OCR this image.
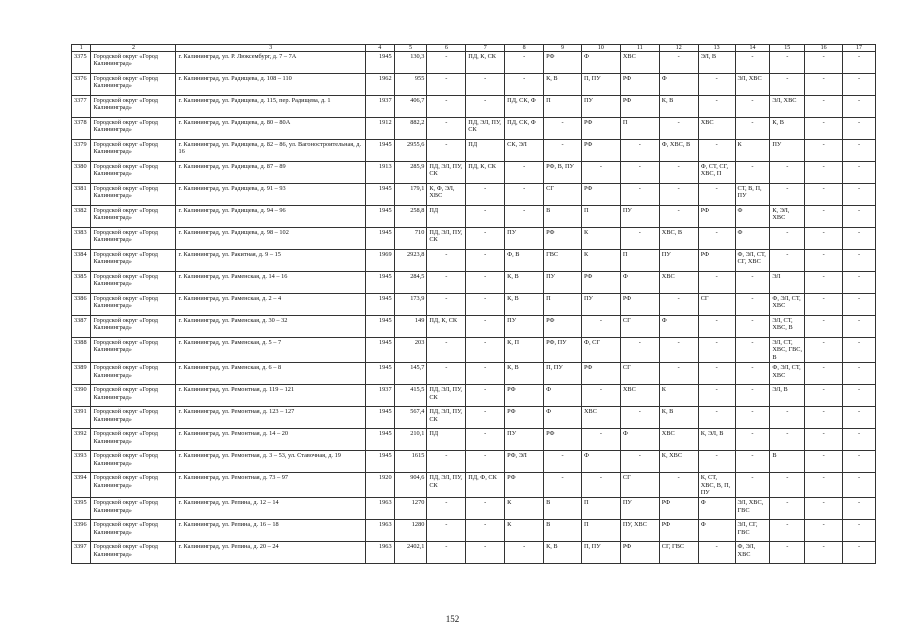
1	2	3	4	5	6	7	8	9	10	11	12	13	14	15	16	17
3375	Городской округ «Город Калининград»	г. Калининград, ул. Р. Люксембург, д. 7 – 7А	1945	130,3	-	ПД, К, СК	-	РФ	Ф	ХВС	-	ЭЛ, В	-	-	-	-
3376	Городской округ «Город Калининград»	г. Калининград, ул. Радищева, д. 108 – 110	1962	955	-	-	-	К, В	П, ПУ	РФ	Ф	-	ЭЛ, ХВС	-	-	-
3377	Городской округ «Город Калининград»	г. Калининград, ул. Радищева, д. 115, пер. Радищева, д. 1	1937	406,7	-	-	ПД, СК, Ф	П	ПУ	РФ	К, В	-	-	ЭЛ, ХВС	-	-
3378	Городской округ «Город Калининград»	г. Калининград, ул. Радищева, д. 80 – 80А	1912	882,2	-	ПД, ЭЛ, ПУ, СК	ПД, СК, Ф	-	РФ	П	-	ХВС	-	К, В	-	-
3379	Городской округ «Город Калининград»	г. Калининград, ул. Радищева, д. 82 – 86, ул. Вагоностроительная, д. 16	1945	2955,6	-	ПД	СК, ЭЛ	-	РФ	-	Ф, ХВС, В	-	К	ПУ	-	-
3380	Городской округ «Город Калининград»	г. Калининград, ул. Радищева, д. 87 – 89	1913	285,9	ПД, ЭЛ, ПУ, СК	ПД, К, СК	-	РФ, В, ПУ	-	-	-	Ф, СТ, СГ, ХВС, П	-	-	-	-
3381	Городской округ «Город Калининград»	г. Калининград, ул. Радищева, д. 91 – 93	1945	179,1	К, Ф, ЭЛ, ХВС	-	-	СГ	РФ	-	-	-	СТ, В, П, ПУ	-	-	-
3382	Городской округ «Город Калининград»	г. Калининград, ул. Радищева, д. 94 – 96	1945	258,8	ПД	-	-	В	П	ПУ	-	РФ	Ф	К, ЭЛ, ХВС	-	-
3383	Городской округ «Город Калининград»	г. Калининград, ул. Радищева, д. 98 – 102	1945	710	ПД, ЭЛ, ПУ, СК	-	ПУ	РФ	К	-	ХВС, В	-	Ф	-	-	-
3384	Городской округ «Город Калининград»	г. Калининград, ул. Ракитная, д. 9 – 15	1969	2923,8	-	-	Ф, В	ГВС	К	П	ПУ	РФ	Ф, ЭЛ, СТ, СГ, ХВС	-	-	-
3385	Городской округ «Город Калининград»	г. Калининград, ул. Раменская, д. 14 – 16	1945	284,5	-	-	К, В	ПУ	РФ	Ф	ХВС	-	-	ЭЛ	-	-
3386	Городской округ «Город Калининград»	г. Калининград, ул. Раменская, д. 2 – 4	1945	173,9	-	-	К, В	П	ПУ	РФ	-	СГ	-	Ф, ЭЛ, СТ, ХВС	-	-
3387	Городской округ «Город Калининград»	г. Калининград, ул. Раменская, д. 30 – 32	1945	149	ПД, К, СК	-	ПУ	РФ	-	СГ	Ф	-	-	ЭЛ, СТ, ХВС, В	-	-
3388	Городской округ «Город Калининград»	г. Калининград, ул. Раменская, д. 5 – 7	1945	203	-	-	К, П	РФ, ПУ	Ф, СГ	-	-	-	-	ЭЛ, СТ, ХВС, ГВС, В	-	-
3389	Городской округ «Город Калининград»	г. Калининград, ул. Раменская, д. 6 – 8	1945	145,7	-	-	К, В	П, ПУ	РФ	СГ	-	-	-	Ф, ЭЛ, СТ, ХВС	-	-
3390	Городской округ «Город Калининград»	г. Калининград, ул. Ремонтная, д. 119 – 121	1937	415,5	ПД, ЭЛ, ПУ, СК	-	РФ	Ф	-	ХВС	К	-	-	ЭЛ, В	-	-
3391	Городской округ «Город Калининград»	г. Калининград, ул. Ремонтная, д. 123 – 127	1945	567,4	ПД, ЭЛ, ПУ, СК	-	РФ	Ф	ХВС	-	К, В	-	-	-	-	-
3392	Городской округ «Город Калининград»	г. Калининград, ул. Ремонтная, д. 14 – 20	1945	210,1	ПД	-	ПУ	РФ	-	Ф	ХВС	К, ЭЛ, В	-	-	-	-
3393	Городской округ «Город Калининград»	г. Калининград, ул. Ремонтная, д. 3 – 53, ул. Ставочная, д. 19	1945	1615	-	-	РФ, ЭЛ	-	Ф	-	К, ХВС	-	-	В	-	-
3394	Городской округ «Город Калининград»	г. Калининград, ул. Ремонтная, д. 73 – 97	1920	904,6	ПД, ЭЛ, ПУ, СК	ПД, Ф, СК	РФ	-	-	СГ	-	К, СТ, ХВС, В, П, ПУ	-	-	-	-
3395	Городской округ «Город Калининград»	г. Калининград, ул. Репина, д. 12 – 14	1963	1270	-	-	К	В	П	ПУ	РФ	Ф	ЭЛ, ХВС, ГВС	-	-	-
3396	Городской округ «Город Калининград»	г. Калининград, ул. Репина, д. 16 – 18	1963	1280	-	-	К	В	П	ПУ, ХВС	РФ	Ф	ЭЛ, СГ, ГВС	-	-	-
3397	Городской округ «Город Калининград»	г. Калининград, ул. Репина, д. 20 – 24	1963	2402,1	-	-	-	К, В	П, ПУ	РФ	СГ, ГВС	-	Ф, ЭЛ, ХВС	-	-	-
152
